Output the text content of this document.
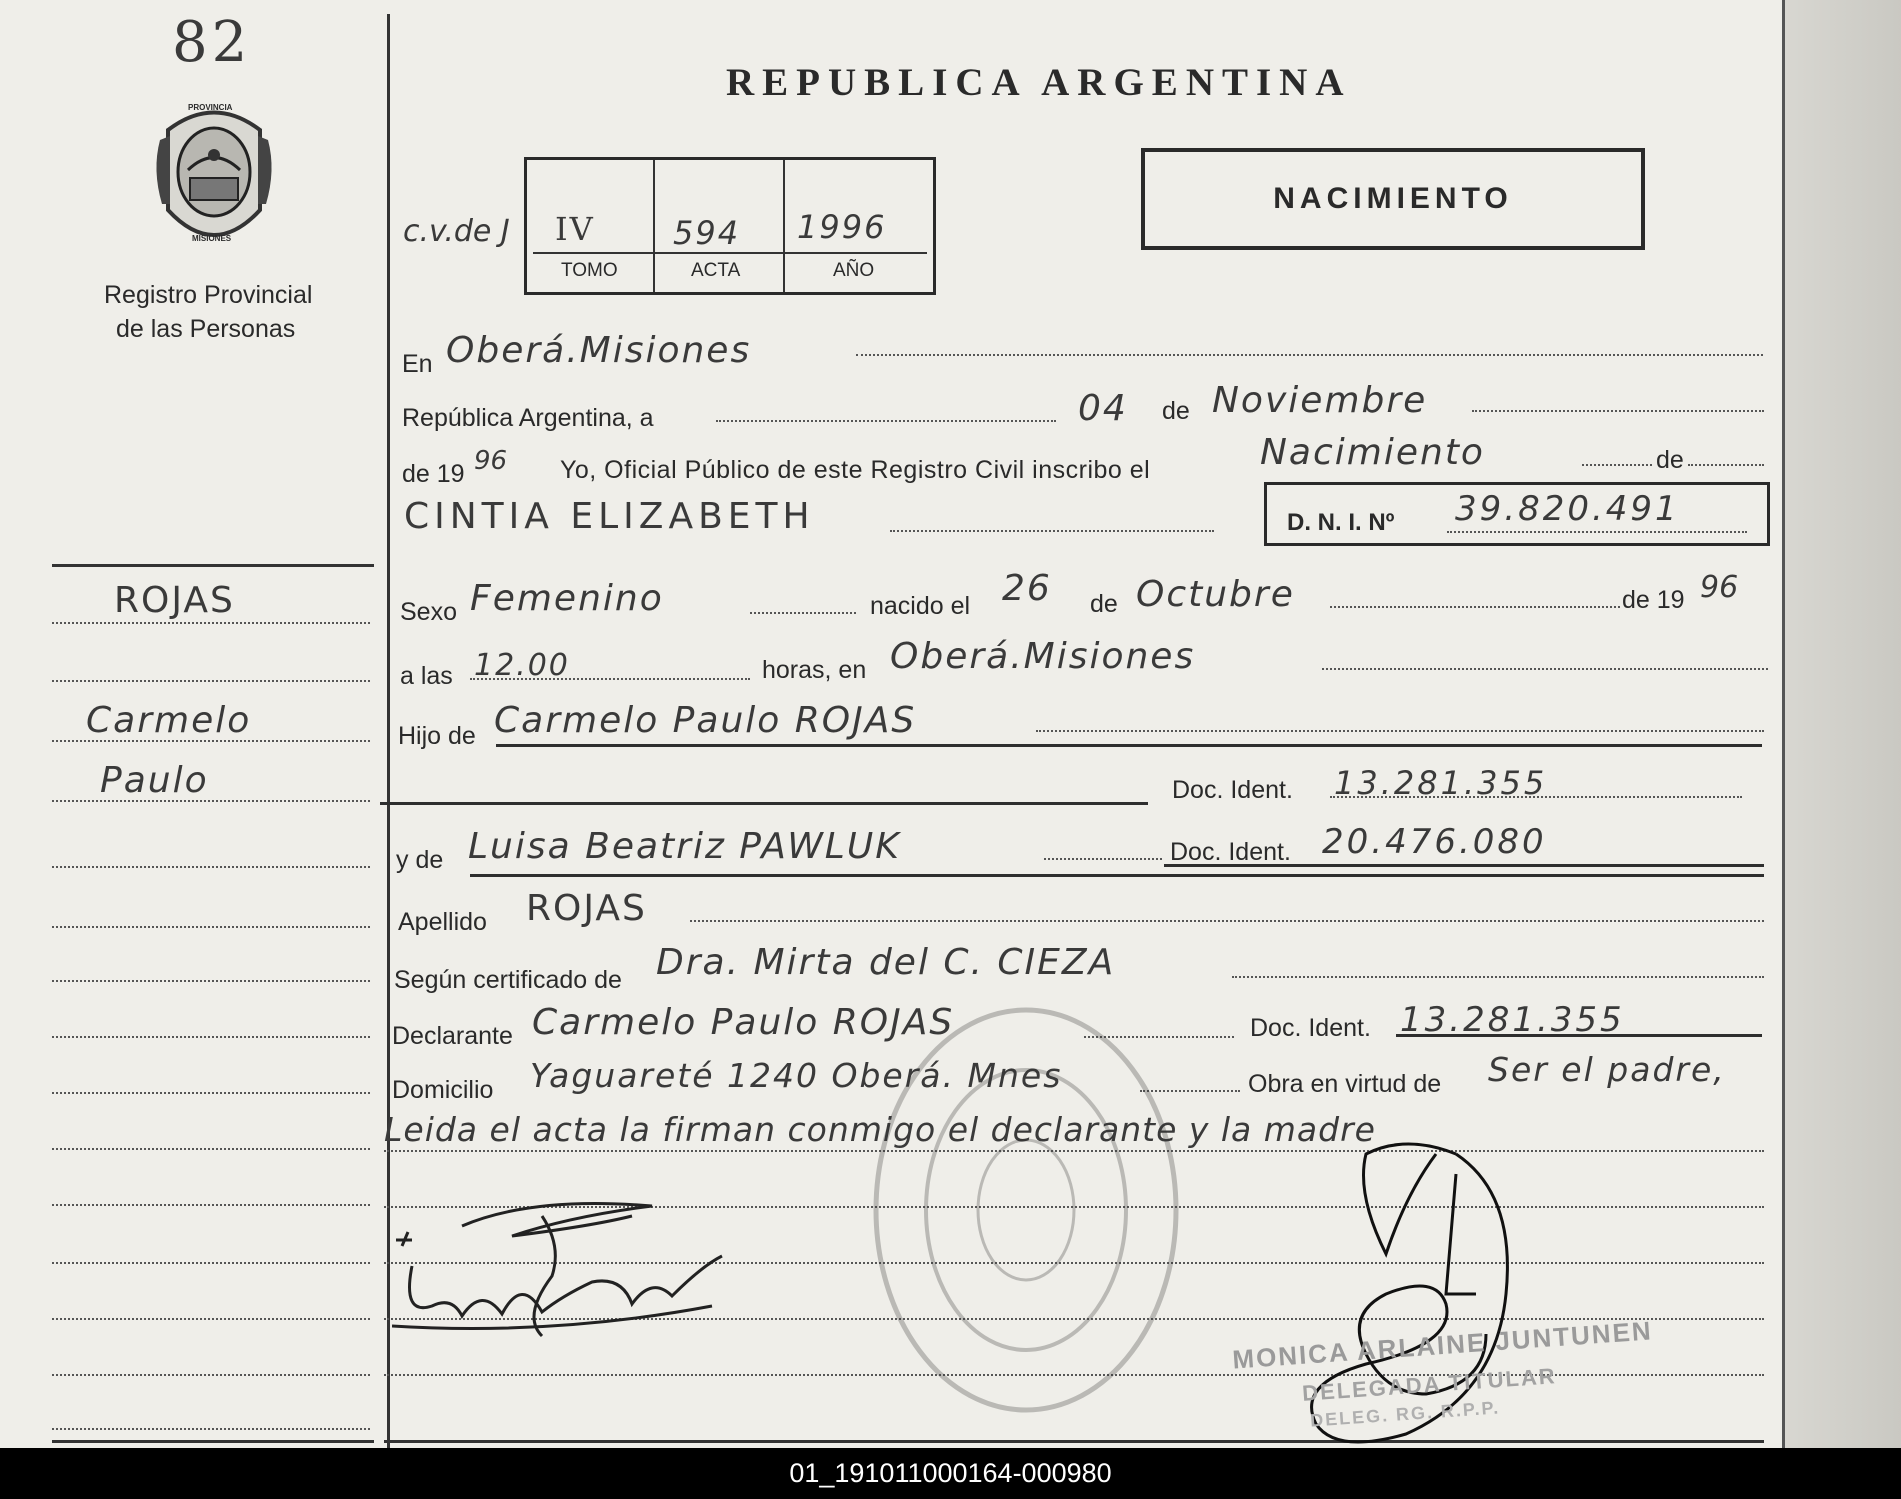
82
PROVINCIA
MISIONES
Registro Provincial
de las Personas
REPUBLICA ARGENTINA
NACIMIENTO
c.v.de J IV 594 1996
TOMO	ACTA	AÑO
En Oberá.Misiones
República Argentina, a	04 de Noviembre
de 19 96 Yo, Oficial Público de este Registro Civil inscribo el	Nacimiento	de
CINTIA ELIZABETH	D. N. I. Nº 39.820.491
Sexo Femenino	nacido el 26 de Octubre	de 19 96
a las 12.00	horas, en Oberá.Misiones
Hijo de Carmelo Paulo ROJAS
Doc. Ident. 13.281.355
y de Luisa Beatriz PAWLUK	Doc. Ident. 20.476.080
Apellido ROJAS
Según certificado de Dra. Mirta del C. CIEZA
Declarante Carmelo Paulo ROJAS	Doc. Ident. 13.281.355
Domicilio Yaguareté 1240 Oberá. Mnes	Obra en virtud de Ser el padre,
Leida el acta la firman conmigo el declarante y la madre
ROJAS
Carmelo
Paulo
MONICA ARLAINE JUNTUNEN
DELEGADA TITULAR
DELEG. RG. R.P.P.
01_191011000164-000980
